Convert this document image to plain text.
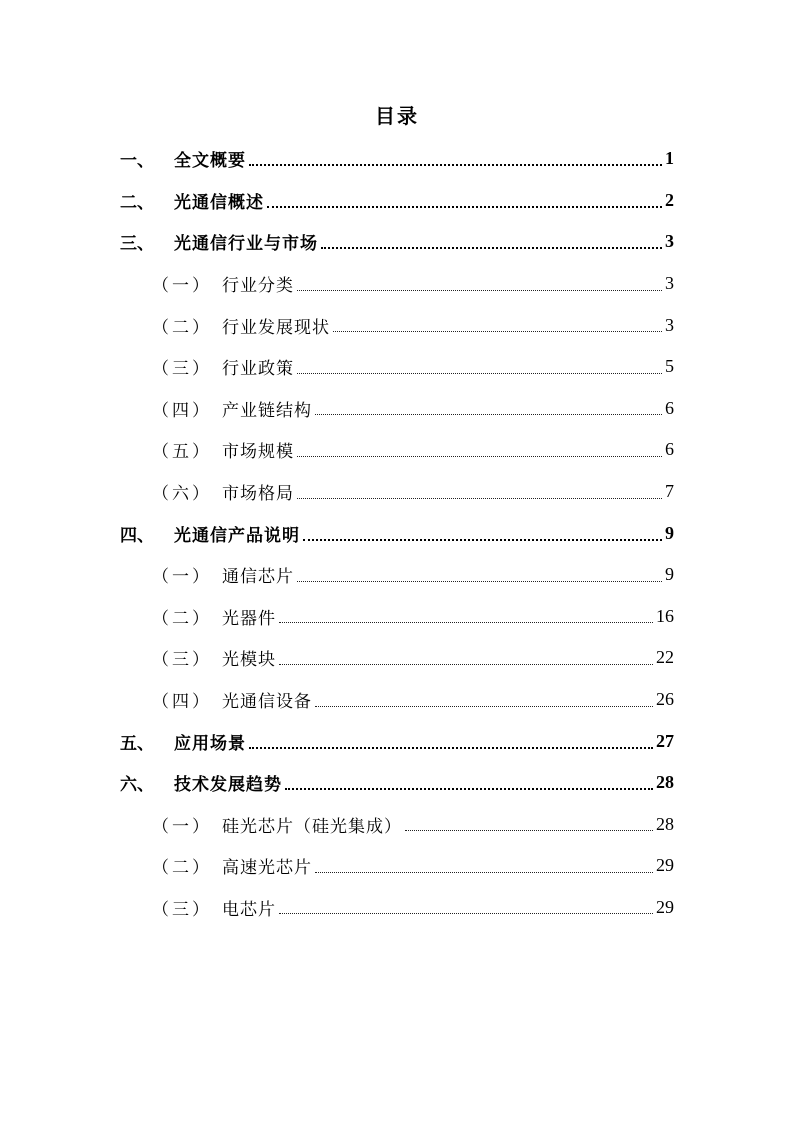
目录
一、	全文概要	1
二、	光通信概述	2
三、	光通信行业与市场	3
（一） 行业分类	3
（二） 行业发展现状	3
（三） 行业政策	5
（四） 产业链结构	6
（五） 市场规模	6
（六） 市场格局	7
四、	光通信产品说明	9
（一） 通信芯片	9
（二） 光器件	16
（三） 光模块	22
（四） 光通信设备	26
五、	应用场景	27
六、	技术发展趋势	28
（一） 硅光芯片（硅光集成）	28
（二） 高速光芯片	29
（三） 电芯片	29
